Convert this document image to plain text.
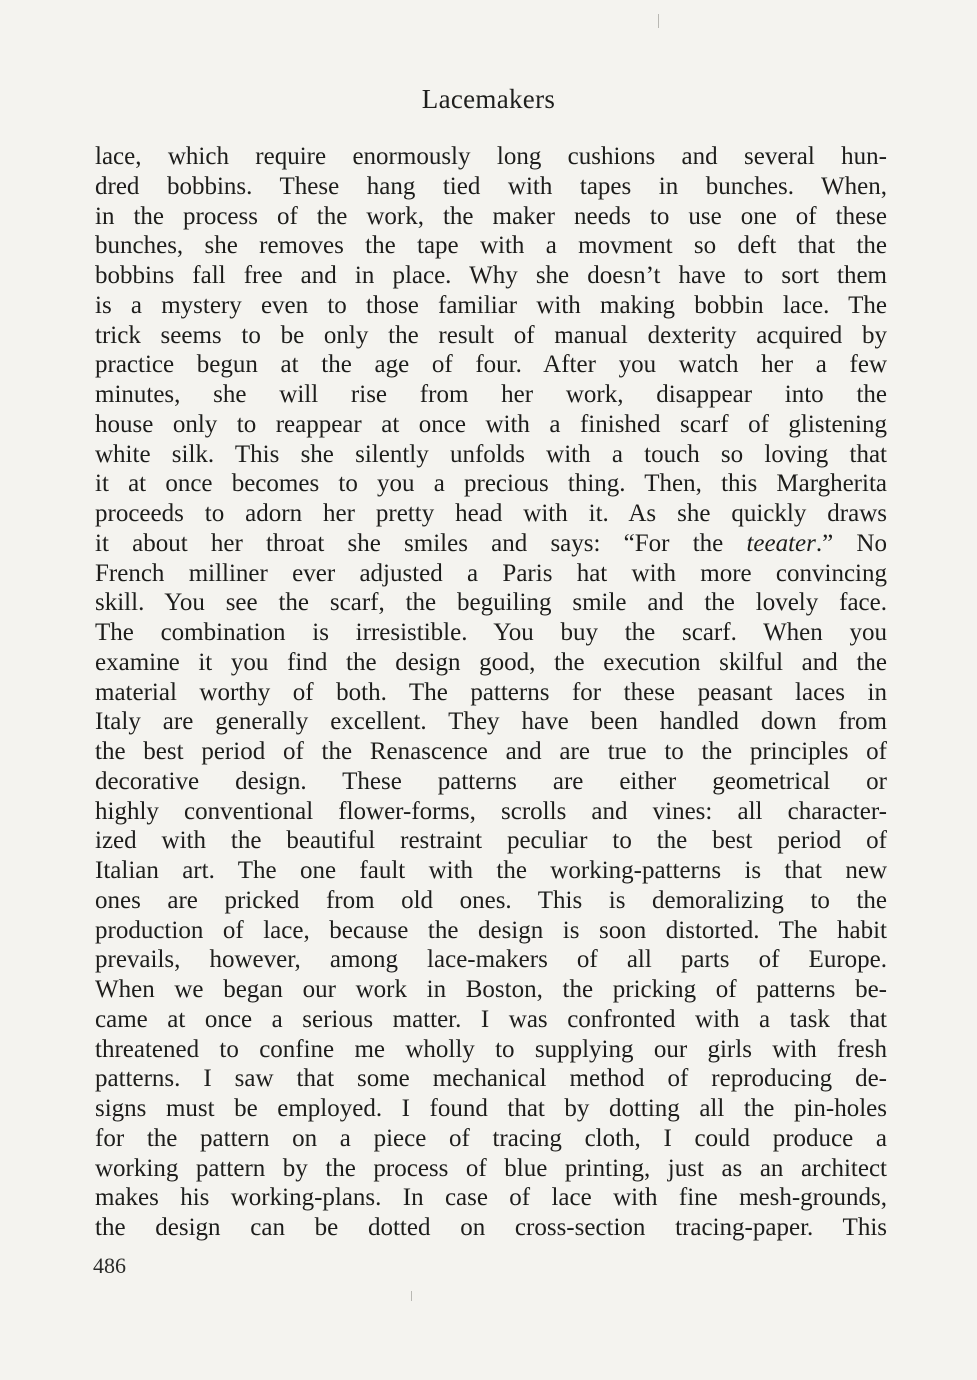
Lacemakers
lace, which require enormously long cushions and several hun-
dred bobbins. These hang tied with tapes in bunches. When,
in the process of the work, the maker needs to use one of these
bunches, she removes the tape with a movment so deft that the
bobbins fall free and in place. Why she doesn’t have to sort them
is a mystery even to those familiar with making bobbin lace. The
trick seems to be only the result of manual dexterity acquired by
practice begun at the age of four. After you watch her a few
minutes, she will rise from her work, disappear into the
house only to reappear at once with a finished scarf of glistening
white silk. This she silently unfolds with a touch so loving that
it at once becomes to you a precious thing. Then, this Margherita
proceeds to adorn her pretty head with it. As she quickly draws
it about her throat she smiles and says: “For the teeater.” No
French milliner ever adjusted a Paris hat with more convincing
skill. You see the scarf, the beguiling smile and the lovely face.
The combination is irresistible. You buy the scarf. When you
examine it you find the design good, the execution skilful and the
material worthy of both. The patterns for these peasant laces in
Italy are generally excellent. They have been handled down from
the best period of the Renascence and are true to the principles of
decorative design. These patterns are either geometrical or
highly conventional flower-forms, scrolls and vines: all character-
ized with the beautiful restraint peculiar to the best period of
Italian art. The one fault with the working-patterns is that new
ones are pricked from old ones. This is demoralizing to the
production of lace, because the design is soon distorted. The habit
prevails, however, among lace-makers of all parts of Europe.
When we began our work in Boston, the pricking of patterns be-
came at once a serious matter. I was confronted with a task that
threatened to confine me wholly to supplying our girls with fresh
patterns. I saw that some mechanical method of reproducing de-
signs must be employed. I found that by dotting all the pin-holes
for the pattern on a piece of tracing cloth, I could produce a
working pattern by the process of blue printing, just as an architect
makes his working-plans. In case of lace with fine mesh-grounds,
the design can be dotted on cross-section tracing-paper. This
486
